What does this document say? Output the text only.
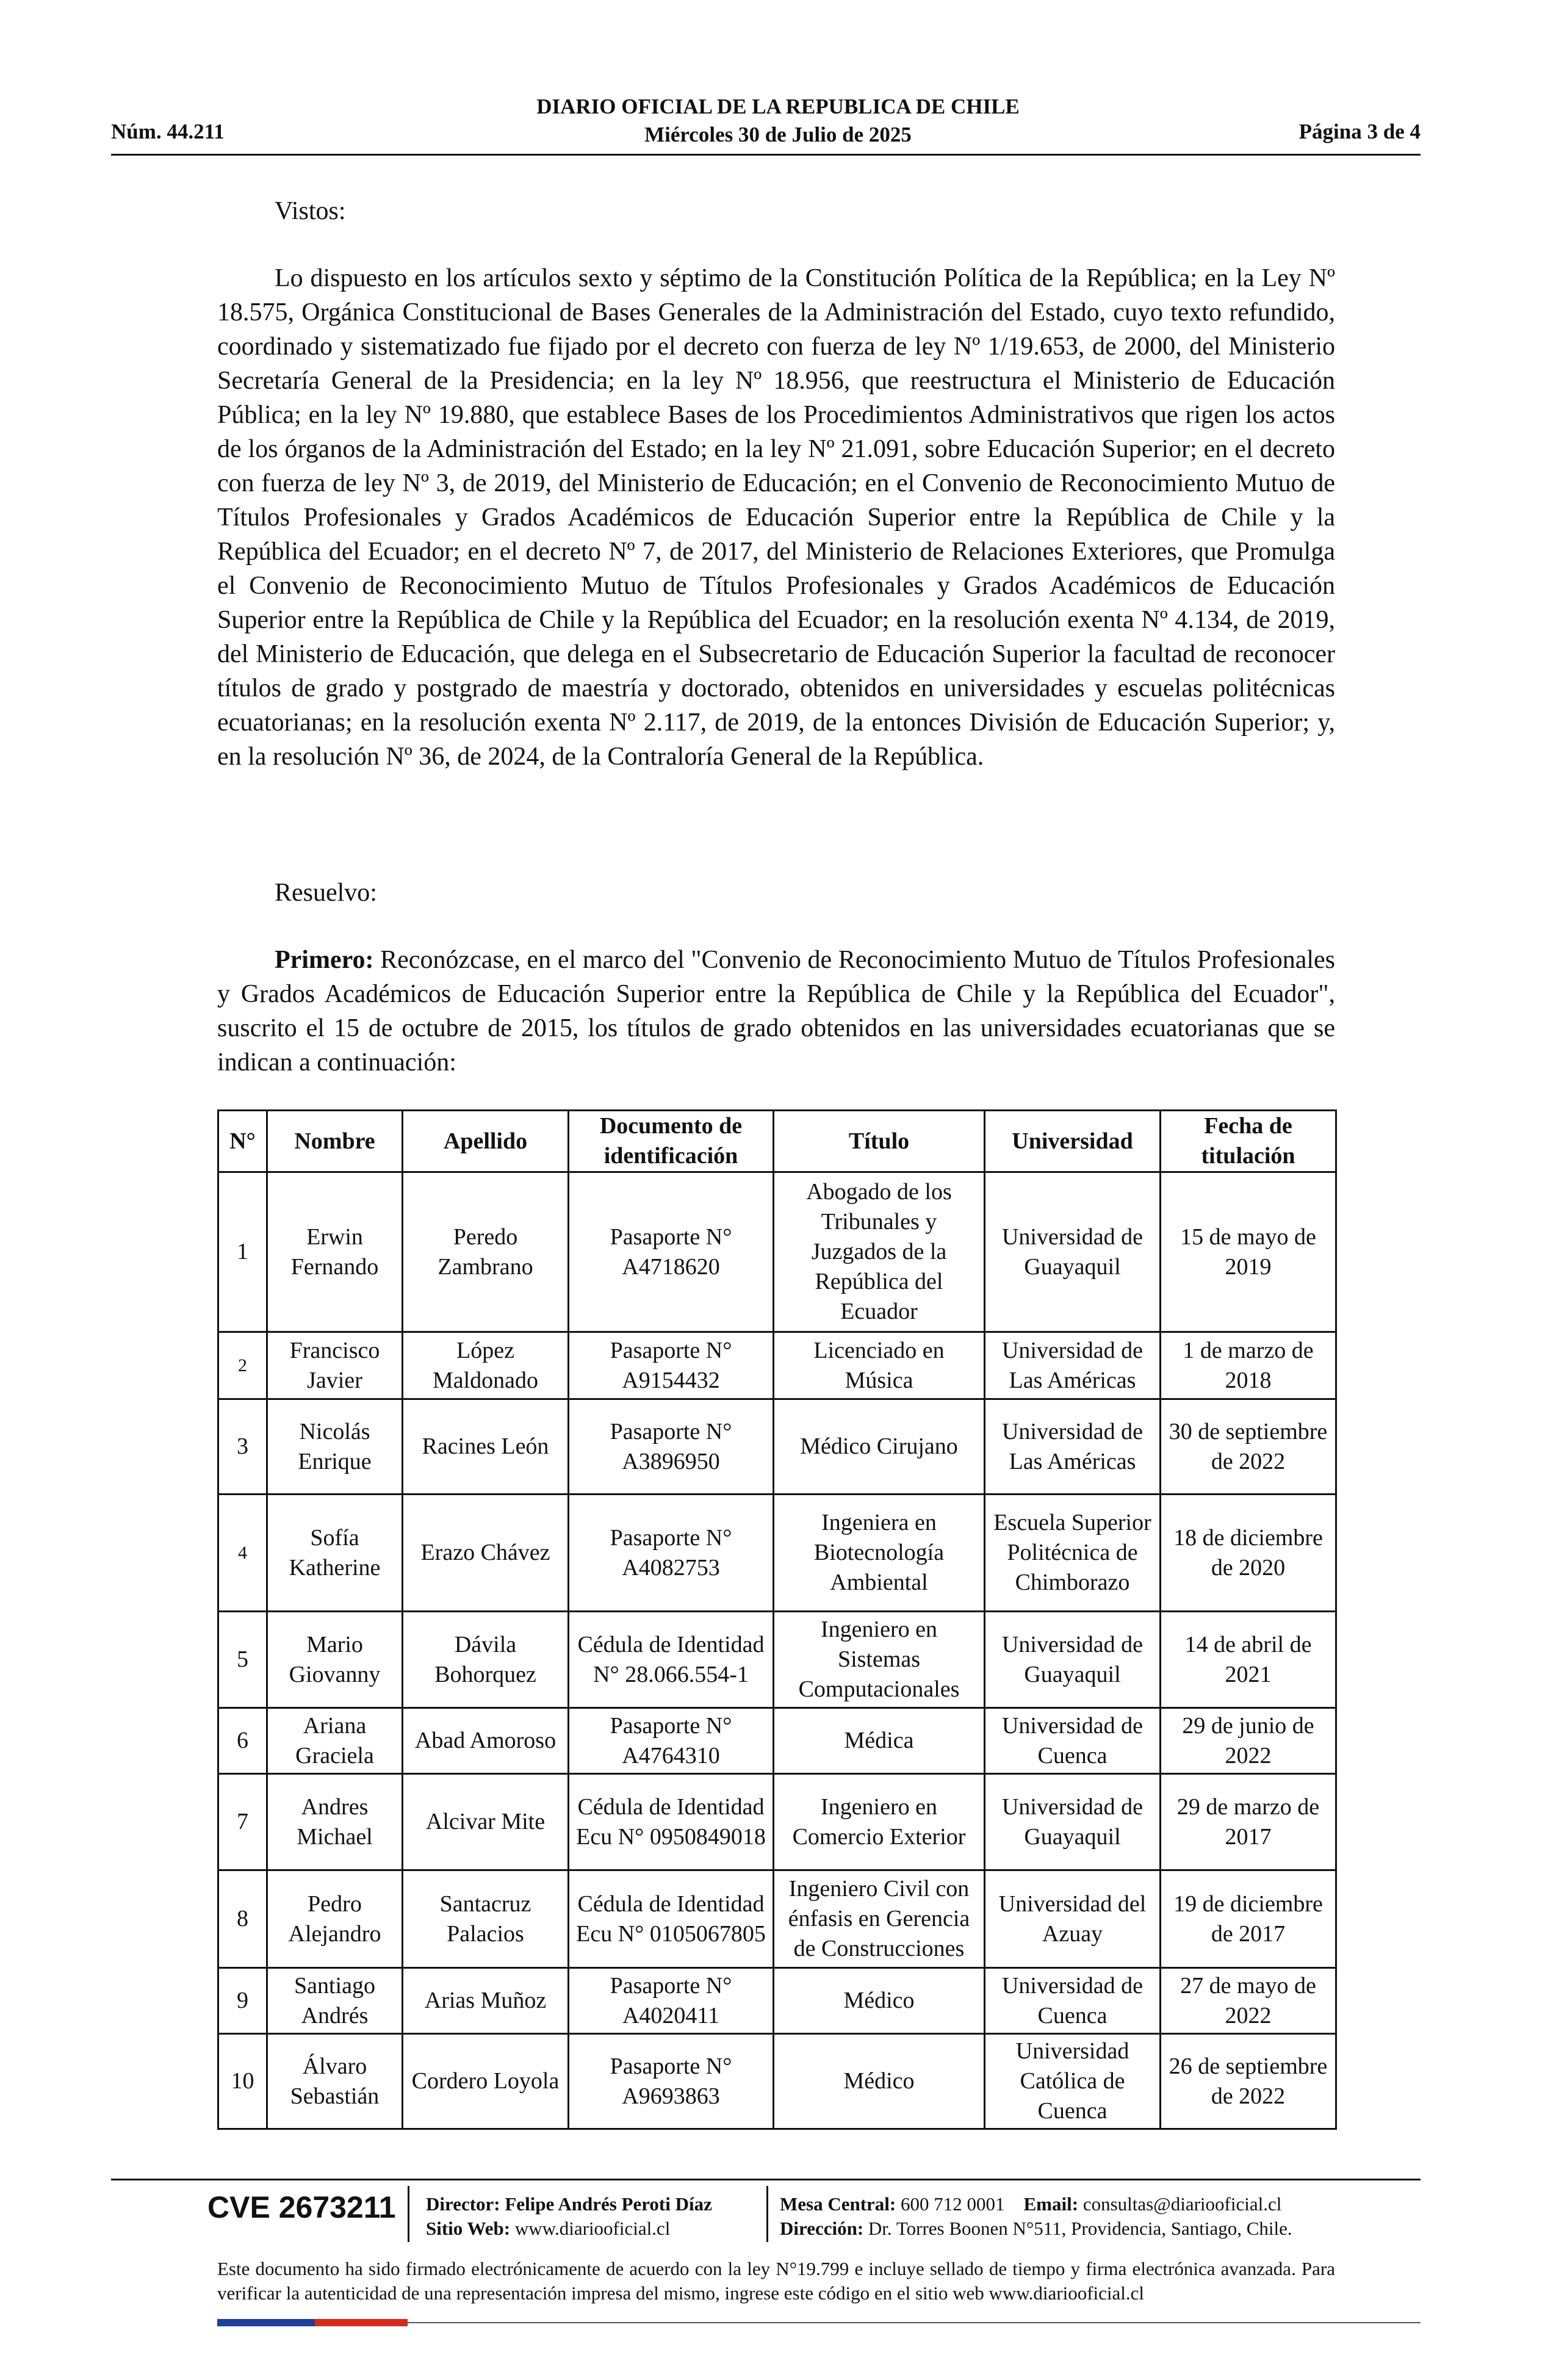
DIARIO OFICIAL DE LA REPUBLICA DE CHILE
Miércoles 30 de Julio de 2025
Núm. 44.211	Página 3 de 4
Vistos:
Lo dispuesto en los artículos sexto y séptimo de la Constitución Política de la República; en la Ley Nº 18.575, Orgánica Constitucional de Bases Generales de la Administración del Estado, cuyo texto refundido, coordinado y sistematizado fue fijado por el decreto con fuerza de ley Nº 1/19.653, de 2000, del Ministerio Secretaría General de la Presidencia; en la ley Nº 18.956, que reestructura el Ministerio de Educación Pública; en la ley Nº 19.880, que establece Bases de los Procedimientos Administrativos que rigen los actos de los órganos de la Administración del Estado; en la ley Nº 21.091, sobre Educación Superior; en el decreto con fuerza de ley Nº 3, de 2019, del Ministerio de Educación; en el Convenio de Reconocimiento Mutuo de Títulos Profesionales y Grados Académicos de Educación Superior entre la República de Chile y la República del Ecuador; en el decreto Nº 7, de 2017, del Ministerio de Relaciones Exteriores, que Promulga el Convenio de Reconocimiento Mutuo de Títulos Profesionales y Grados Académicos de Educación Superior entre la República de Chile y la República del Ecuador; en la resolución exenta Nº 4.134, de 2019, del Ministerio de Educación, que delega en el Subsecretario de Educación Superior la facultad de reconocer títulos de grado y postgrado de maestría y doctorado, obtenidos en universidades y escuelas politécnicas ecuatorianas; en la resolución exenta Nº 2.117, de 2019, de la entonces División de Educación Superior; y, en la resolución Nº 36, de 2024, de la Contraloría General de la República.
Resuelvo:
Primero: Reconózcase, en el marco del "Convenio de Reconocimiento Mutuo de Títulos Profesionales y Grados Académicos de Educación Superior entre la República de Chile y la República del Ecuador", suscrito el 15 de octubre de 2015, los títulos de grado obtenidos en las universidades ecuatorianas que se indican a continuación:
N°	Nombre	Apellido	Documento de identificación	Título	Universidad	Fecha de titulación
1	Erwin Fernando	Peredo Zambrano	Pasaporte N° A4718620	Abogado de los Tribunales y Juzgados de la República del Ecuador	Universidad de Guayaquil	15 de mayo de 2019
2	Francisco Javier	López Maldonado	Pasaporte N° A9154432	Licenciado en Música	Universidad de Las Américas	1 de marzo de 2018
3	Nicolás Enrique	Racines León	Pasaporte N° A3896950	Médico Cirujano	Universidad de Las Américas	30 de septiembre de 2022
4	Sofía Katherine	Erazo Chávez	Pasaporte N° A4082753	Ingeniera en Biotecnología Ambiental	Escuela Superior Politécnica de Chimborazo	18 de diciembre de 2020
5	Mario Giovanny	Dávila Bohorquez	Cédula de Identidad N° 28.066.554-1	Ingeniero en Sistemas Computacionales	Universidad de Guayaquil	14 de abril de 2021
6	Ariana Graciela	Abad Amoroso	Pasaporte N° A4764310	Médica	Universidad de Cuenca	29 de junio de 2022
7	Andres Michael	Alcivar Mite	Cédula de Identidad Ecu N° 0950849018	Ingeniero en Comercio Exterior	Universidad de Guayaquil	29 de marzo de 2017
8	Pedro Alejandro	Santacruz Palacios	Cédula de Identidad Ecu N° 0105067805	Ingeniero Civil con énfasis en Gerencia de Construcciones	Universidad del Azuay	19 de diciembre de 2017
9	Santiago Andrés	Arias Muñoz	Pasaporte N° A4020411	Médico	Universidad de Cuenca	27 de mayo de 2022
10	Álvaro Sebastián	Cordero Loyola	Pasaporte N° A9693863	Médico	Universidad Católica de Cuenca	26 de septiembre de 2022
CVE 2673211 Director: Felipe Andrés Peroti Díaz
Sitio Web: www.diariooficial.cl
Mesa Central: 600 712 0001 Email: consultas@diariooficial.cl
Dirección: Dr. Torres Boonen N°511, Providencia, Santiago, Chile.
Este documento ha sido firmado electrónicamente de acuerdo con la ley N°19.799 e incluye sellado de tiempo y firma electrónica avanzada. Para verificar la autenticidad de una representación impresa del mismo, ingrese este código en el sitio web www.diariooficial.cl
